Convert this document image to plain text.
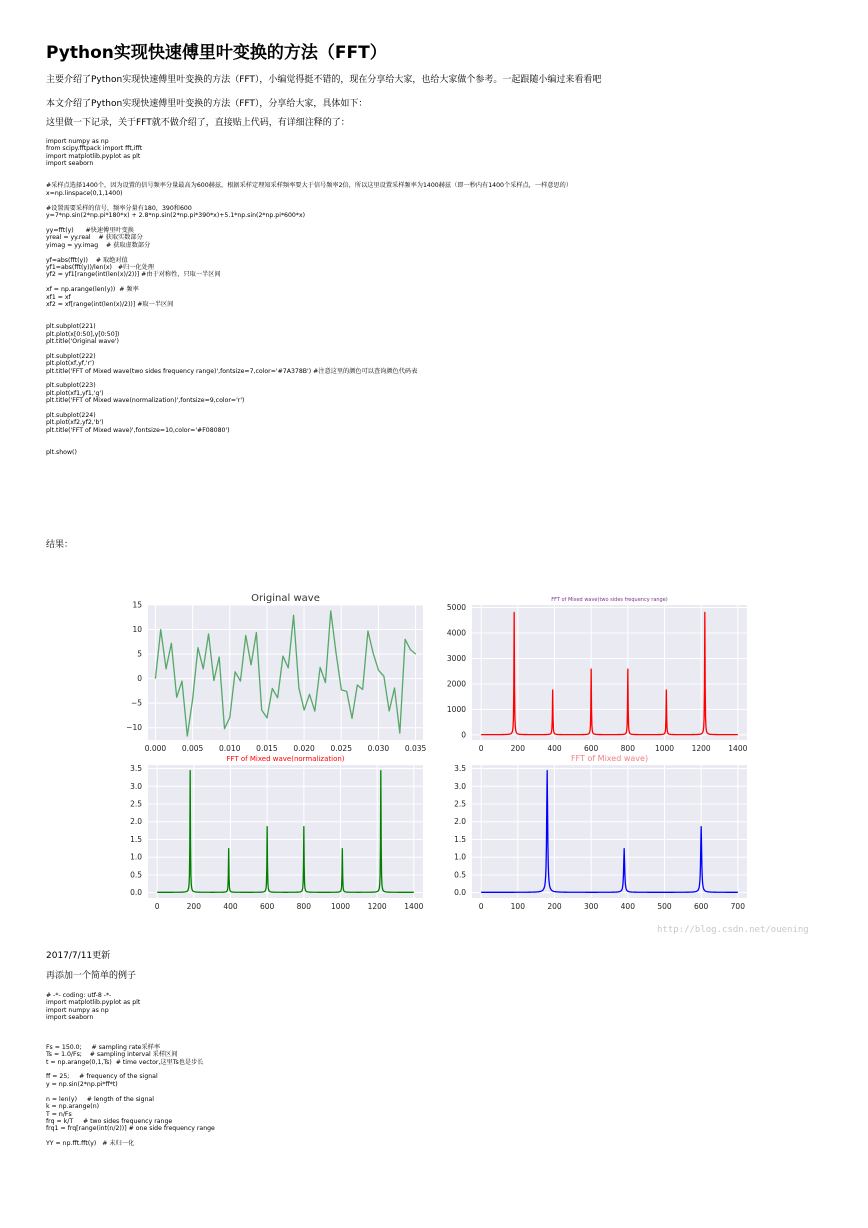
Python实现快速傅里叶变换的方法（FFT）

主要介绍了Python实现快速傅里叶变换的方法（FFT），小编觉得挺不错的，现在分享给大家，也给大家做个参考。一起跟随小编过来看看吧

本文介绍了Python实现快速傅里叶变换的方法（FFT），分享给大家，具体如下：

这里做一下记录，关于FFT就不做介绍了，直接贴上代码，有详细注释的了：

import numpy as np
from scipy.fftpack import fft,ifft
import matplotlib.pyplot as plt
import seaborn

#采样点选择1400个，因为设置的信号频率分量最高为600赫兹，根据采样定理知采样频率要大于信号频率2倍，所以这里设置采样频率为1400赫兹（即一秒内有1400个采样点，一样意思的）
x=np.linspace(0,1,1400)

#设置需要采样的信号，频率分量有180，390和600
y=7*np.sin(2*np.pi*180*x) + 2.8*np.sin(2*np.pi*390*x)+5.1*np.sin(2*np.pi*600*x)

yy=fft(y)      #快速傅里叶变换
yreal = yy.real    # 获取实数部分
yimag = yy.imag    # 获取虚数部分

yf=abs(fft(y))    # 取绝对值
yf1=abs(fft(y))/len(x)   #归一化处理
yf2 = yf1[range(int(len(x)/2))] #由于对称性，只取一半区间

xf = np.arange(len(y))  # 频率
xf1 = xf
xf2 = xf[range(int(len(x)/2))] #取一半区间

plt.subplot(221)
plt.plot(x[0:50],y[0:50])
plt.title('Original wave')

plt.subplot(222)
plt.plot(xf,yf,'r')
plt.title('FFT of Mixed wave(two sides frequency range)',fontsize=7,color='#7A378B') #注意这里的颜色可以查询颜色代码表

plt.subplot(223)
plt.plot(xf1,yf1,'g')
plt.title('FFT of Mixed wave(normalization)',fontsize=9,color='r')

plt.subplot(224)
plt.plot(xf2,yf2,'b')
plt.title('FFT of Mixed wave)',fontsize=10,color='#F08080')

plt.show()

结果：

0.000 0.005 0.010 0.015 0.020 0.025 0.030 0.035
15
10
5
0
−5
−10
Original wave
0	200	400	600	800	1000 1200 1400
5000
4000
3000
2000
1000
0
FFT of Mixed wave(two sides frequency range)
0	200	400	600	800	1000 1200 1400
3.5
3.0
2.5
2.0
1.5
1.0
0.5
0.0
FFT of Mixed wave(normalization)
0	100	200	300	400	500	600	700
3.5
3.0
2.5
2.0
1.5
1.0
0.5
0.0
FFT of Mixed wave)
http://blog.csdn.net/ouening

2017/7/11更新

再添加一个简单的例子

# -*- coding: utf-8 -*-
import matplotlib.pyplot as plt
import numpy as np
import seaborn

Fs = 150.0;     # sampling rate采样率
Ts = 1.0/Fs;    # sampling interval 采样区间
t = np.arange(0,1,Ts)  # time vector,这里Ts也是步长

ff = 25;     # frequency of the signal
y = np.sin(2*np.pi*ff*t)

n = len(y)     # length of the signal
k = np.arange(n)
T = n/Fs
frq = k/T     # two sides frequency range
frq1 = frq[range(int(n/2))] # one side frequency range

YY = np.fft.fft(y)   # 未归一化
